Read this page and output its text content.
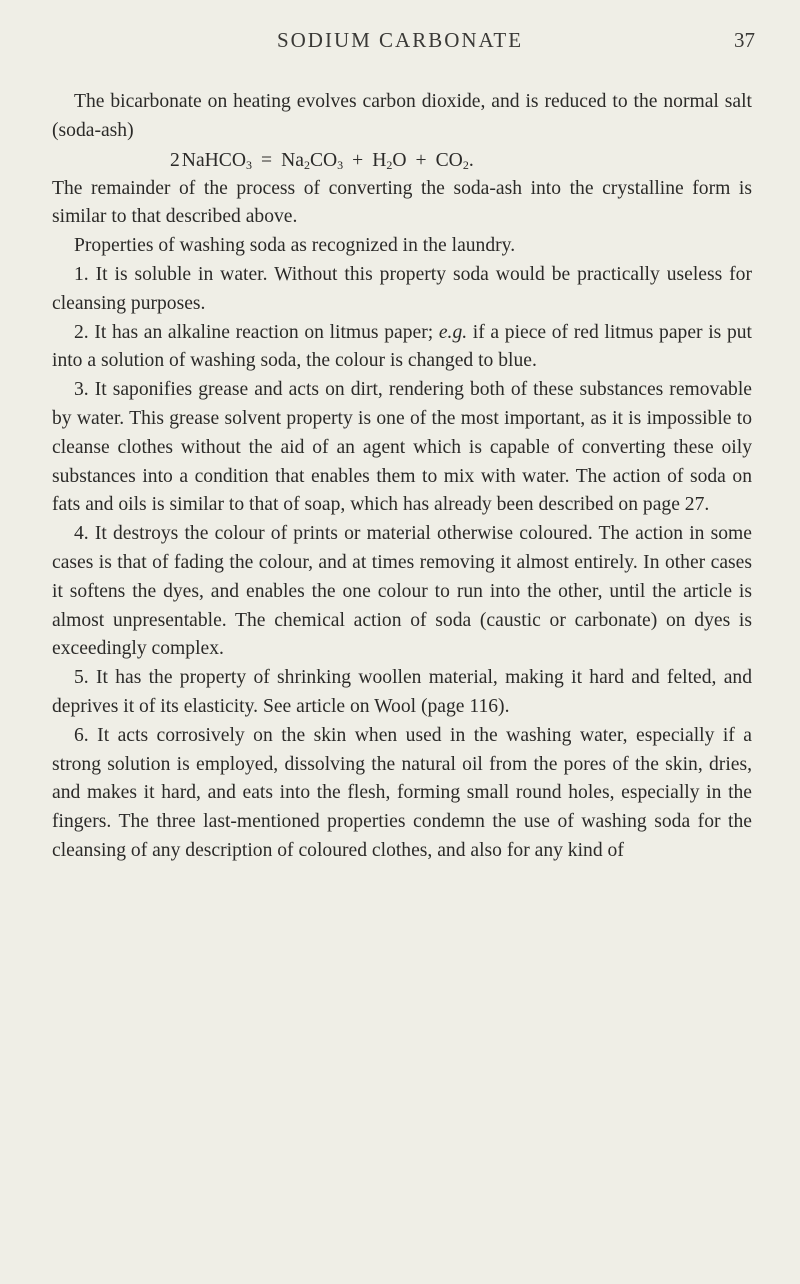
SODIUM CARBONATE	37

The bicarbonate on heating evolves carbon dioxide, and is reduced to the normal salt (soda-ash)

2 NaHCO$_3$ = $Na_2CO_3 + H_2O + CO_2$.

The remainder of the process of converting the soda-ash into the crystalline form is similar to that described above.

Properties of washing soda as recognized in the laundry.

1. It is soluble in water. Without this property soda would be practically useless for cleansing purposes.

2. It has an alkaline reaction on litmus paper; e.g. if a piece of red litmus paper is put into a solution of washing soda, the colour is changed to blue.

3. It saponifies grease and acts on dirt, rendering both of these substances removable by water. This grease solvent property is one of the most important, as it is impossible to cleanse clothes without the aid of an agent which is capable of converting these oily substances into a condition that enables them to mix with water. The action of soda on fats and oils is similar to that of soap, which has already been described on page 27.

4. It destroys the colour of prints or material otherwise coloured. The action in some cases is that of fading the colour, and at times removing it almost entirely. In other cases it softens the dyes, and enables the one colour to run into the other, until the article is almost unpresentable. The chemical action of soda (caustic or carbonate) on dyes is exceedingly complex.

5. It has the property of shrinking woollen material, making it hard and felted, and deprives it of its elasticity. See article on Wool (page 116).

6. It acts corrosively on the skin when used in the washing water, especially if a strong solution is employed, dissolving the natural oil from the pores of the skin, dries, and makes it hard, and eats into the flesh, forming small round holes, especially in the fingers. The three last-mentioned properties condemn the use of washing soda for the cleansing of any description of coloured clothes, and also for any kind of
